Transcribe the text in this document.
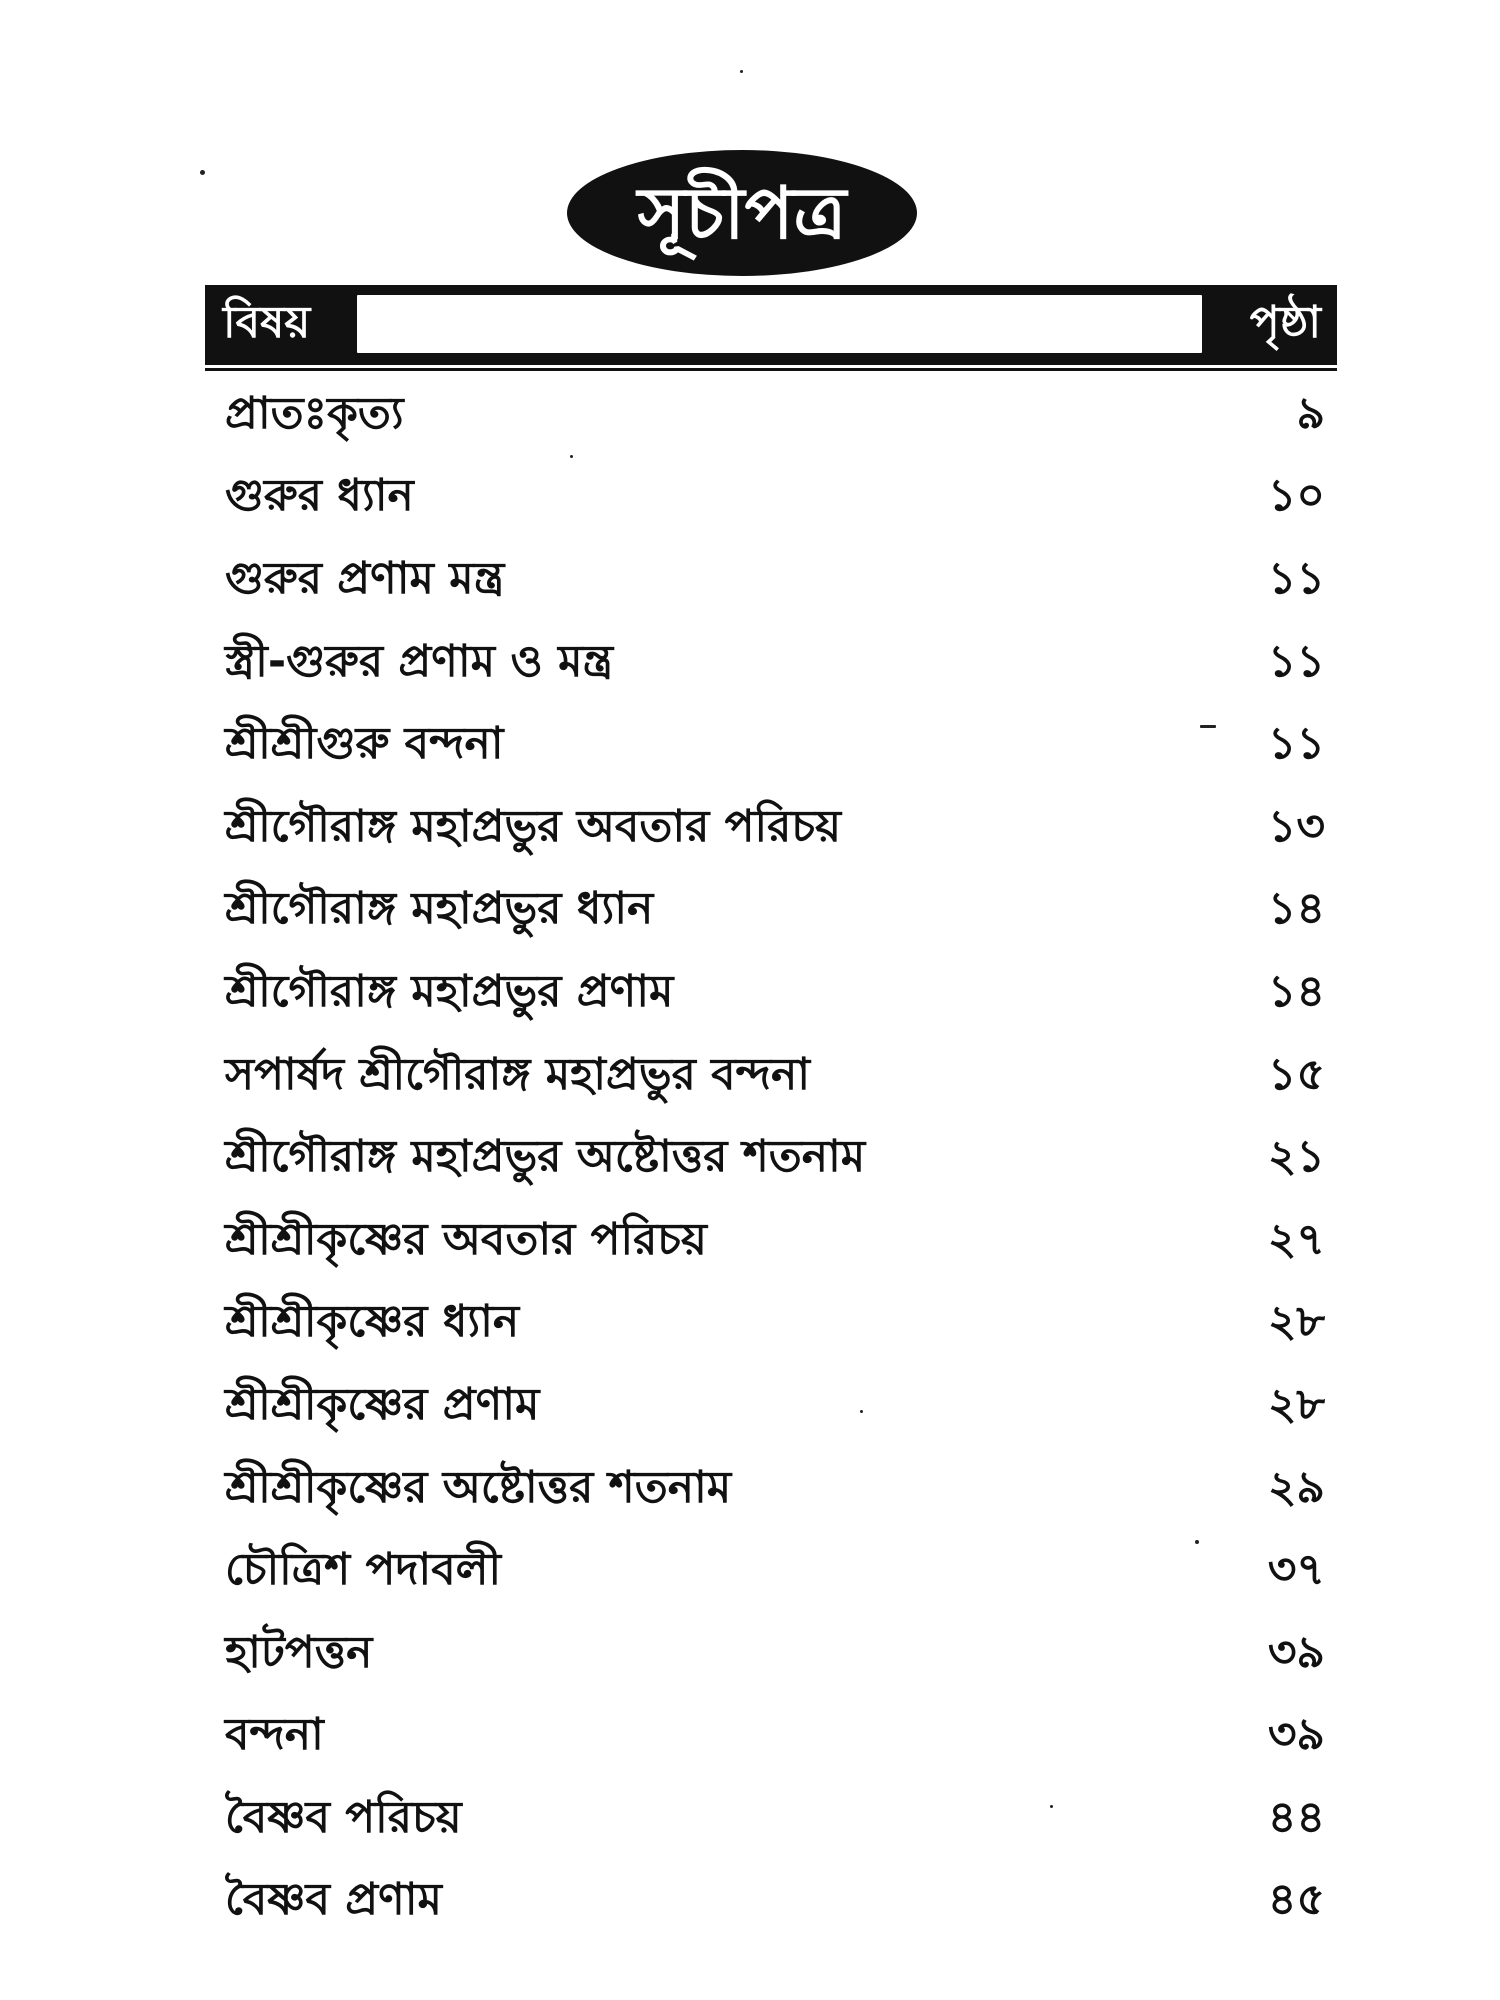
সূচীপত্র
বিষয়	পৃষ্ঠা
প্রাতঃকৃত্য	৯
গুরুর ধ্যান	১০
গুরুর প্রণাম মন্ত্র	১১
স্ত্রী-গুরুর প্রণাম ও মন্ত্র	১১
শ্রীশ্রীগুরু বন্দনা	১১
শ্রীগৌরাঙ্গ মহাপ্রভুর অবতার পরিচয়	১৩
শ্রীগৌরাঙ্গ মহাপ্রভুর ধ্যান	১৪
শ্রীগৌরাঙ্গ মহাপ্রভুর প্রণাম	১৪
সপার্ষদ শ্রীগৌরাঙ্গ মহাপ্রভুর বন্দনা	১৫
শ্রীগৌরাঙ্গ মহাপ্রভুর অষ্টোত্তর শতনাম	২১
শ্রীশ্রীকৃষ্ণের অবতার পরিচয়	২৭
শ্রীশ্রীকৃষ্ণের ধ্যান	২৮
শ্রীশ্রীকৃষ্ণের প্রণাম	২৮
শ্রীশ্রীকৃষ্ণের অষ্টোত্তর শতনাম	২৯
চৌত্রিশ পদাবলী	৩৭
হাটপত্তন	৩৯
বন্দনা	৩৯
বৈষ্ণব পরিচয়	৪৪
বৈষ্ণব প্রণাম	৪৫
